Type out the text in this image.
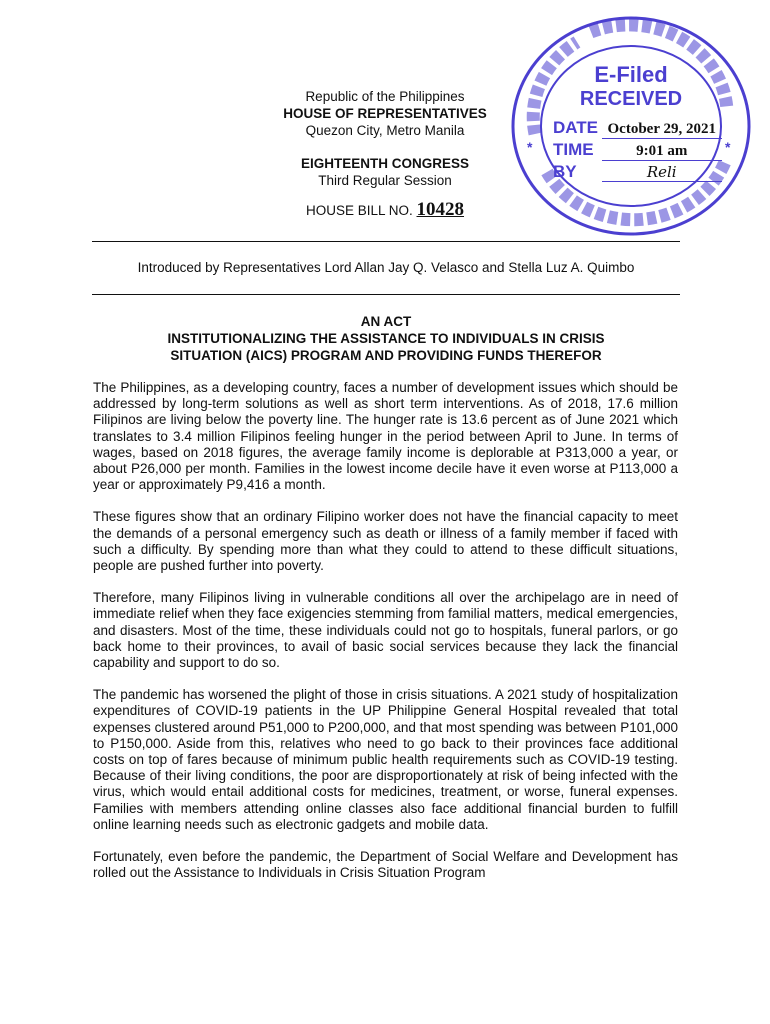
Republic of the Philippines
HOUSE OF REPRESENTATIVES
Quezon City, Metro Manila
EIGHTEENTH CONGRESS
Third Regular Session
HOUSE BILL NO. 10428
*	*
E-Filed
RECEIVED
DATE October 29, 2021
TIME	9:01 am
BY	Reli
Introduced by Representatives Lord Allan Jay Q. Velasco and Stella Luz A. Quimbo
AN ACT
INSTITUTIONALIZING THE ASSISTANCE TO INDIVIDUALS IN CRISIS
SITUATION (AICS) PROGRAM AND PROVIDING FUNDS THEREFOR

The Philippines, as a developing country, faces a number of development issues which should be addressed by long-term solutions as well as short term interventions. As of 2018, 17.6 million Filipinos are living below the poverty line. The hunger rate is 13.6 percent as of June 2021 which translates to 3.4 million Filipinos feeling hunger in the period between April to June. In terms of wages, based on 2018 figures, the average family income is deplorable at P313,000 a year, or about P26,000 per month. Families in the lowest income decile have it even worse at P113,000 a year or approximately P9,416 a month.

These figures show that an ordinary Filipino worker does not have the financial capacity to meet the demands of a personal emergency such as death or illness of a family member if faced with such a difficulty. By spending more than what they could to attend to these difficult situations, people are pushed further into poverty.

Therefore, many Filipinos living in vulnerable conditions all over the archipelago are in need of immediate relief when they face exigencies stemming from familial matters, medical emergencies, and disasters. Most of the time, these individuals could not go to hospitals, funeral parlors, or go back home to their provinces, to avail of basic social services because they lack the financial capability and support to do so.

The pandemic has worsened the plight of those in crisis situations. A 2021 study of hospitalization expenditures of COVID-19 patients in the UP Philippine General Hospital revealed that total expenses clustered around P51,000 to P200,000, and that most spending was between P101,000 to P150,000. Aside from this, relatives who need to go back to their provinces face additional costs on top of fares because of minimum public health requirements such as COVID-19 testing. Because of their living conditions, the poor are disproportionately at risk of being infected with the virus, which would entail additional costs for medicines, treatment, or worse, funeral expenses. Families with members attending online classes also face additional financial burden to fulfill online learning needs such as electronic gadgets and mobile data.

Fortunately, even before the pandemic, the Department of Social Welfare and Development has rolled out the Assistance to Individuals in Crisis Situation Program
